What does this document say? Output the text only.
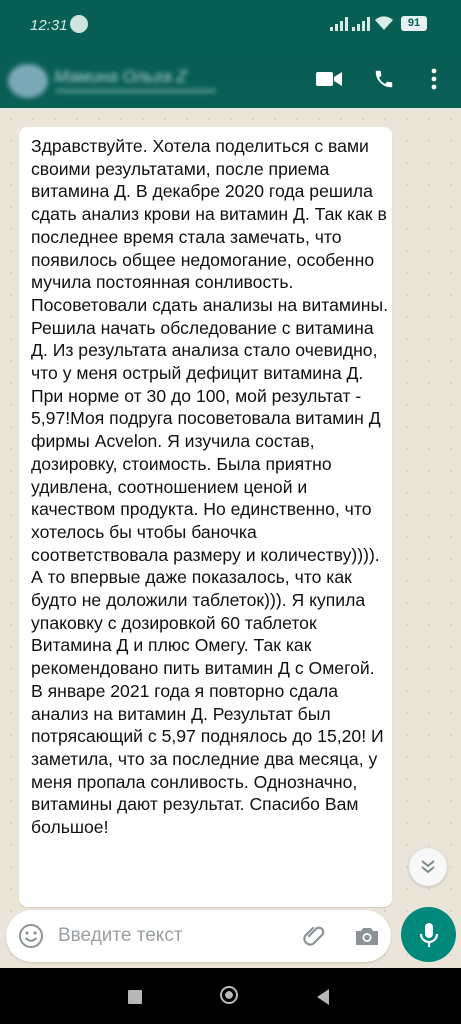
12:31	91
Мамина Ольга Z
Здравствуйте. Хотела поделиться с вами своими результатами, после приема витамина Д. В декабре 2020 года решила сдать анализ крови на витамин Д. Так как в последнее время стала замечать, что появилось общее недомогание, особенно мучила постоянная сонливость. Посоветовали сдать анализы на витамины. Решила начать обследование с витамина Д. Из результата анализа стало очевидно, что у меня острый дефицит витамина Д. При норме от 30 до 100, мой результат - 5,97!Моя подруга посоветовала витамин Д фирмы Acvelon. Я изучила состав, дозировку, стоимость. Была приятно удивлена, соотношением ценой и качеством продукта. Но единственно, что хотелось бы чтобы баночка соответствовала размеру и количеству)))). А то впервые даже показалось, что как будто не доложили таблеток))). Я купила упаковку с дозировкой 60 таблеток Витамина Д и плюс Омегу. Так как рекомендовано пить витамин Д с Омегой. В январе 2021 года я повторно сдала анализ на витамин Д. Результат был потрясающий с 5,97 поднялось до 15,20! И заметила, что за последние два месяца, у меня пропала сонливость. Однозначно, витамины дают результат. Спасибо Вам большое!
Введите текст
